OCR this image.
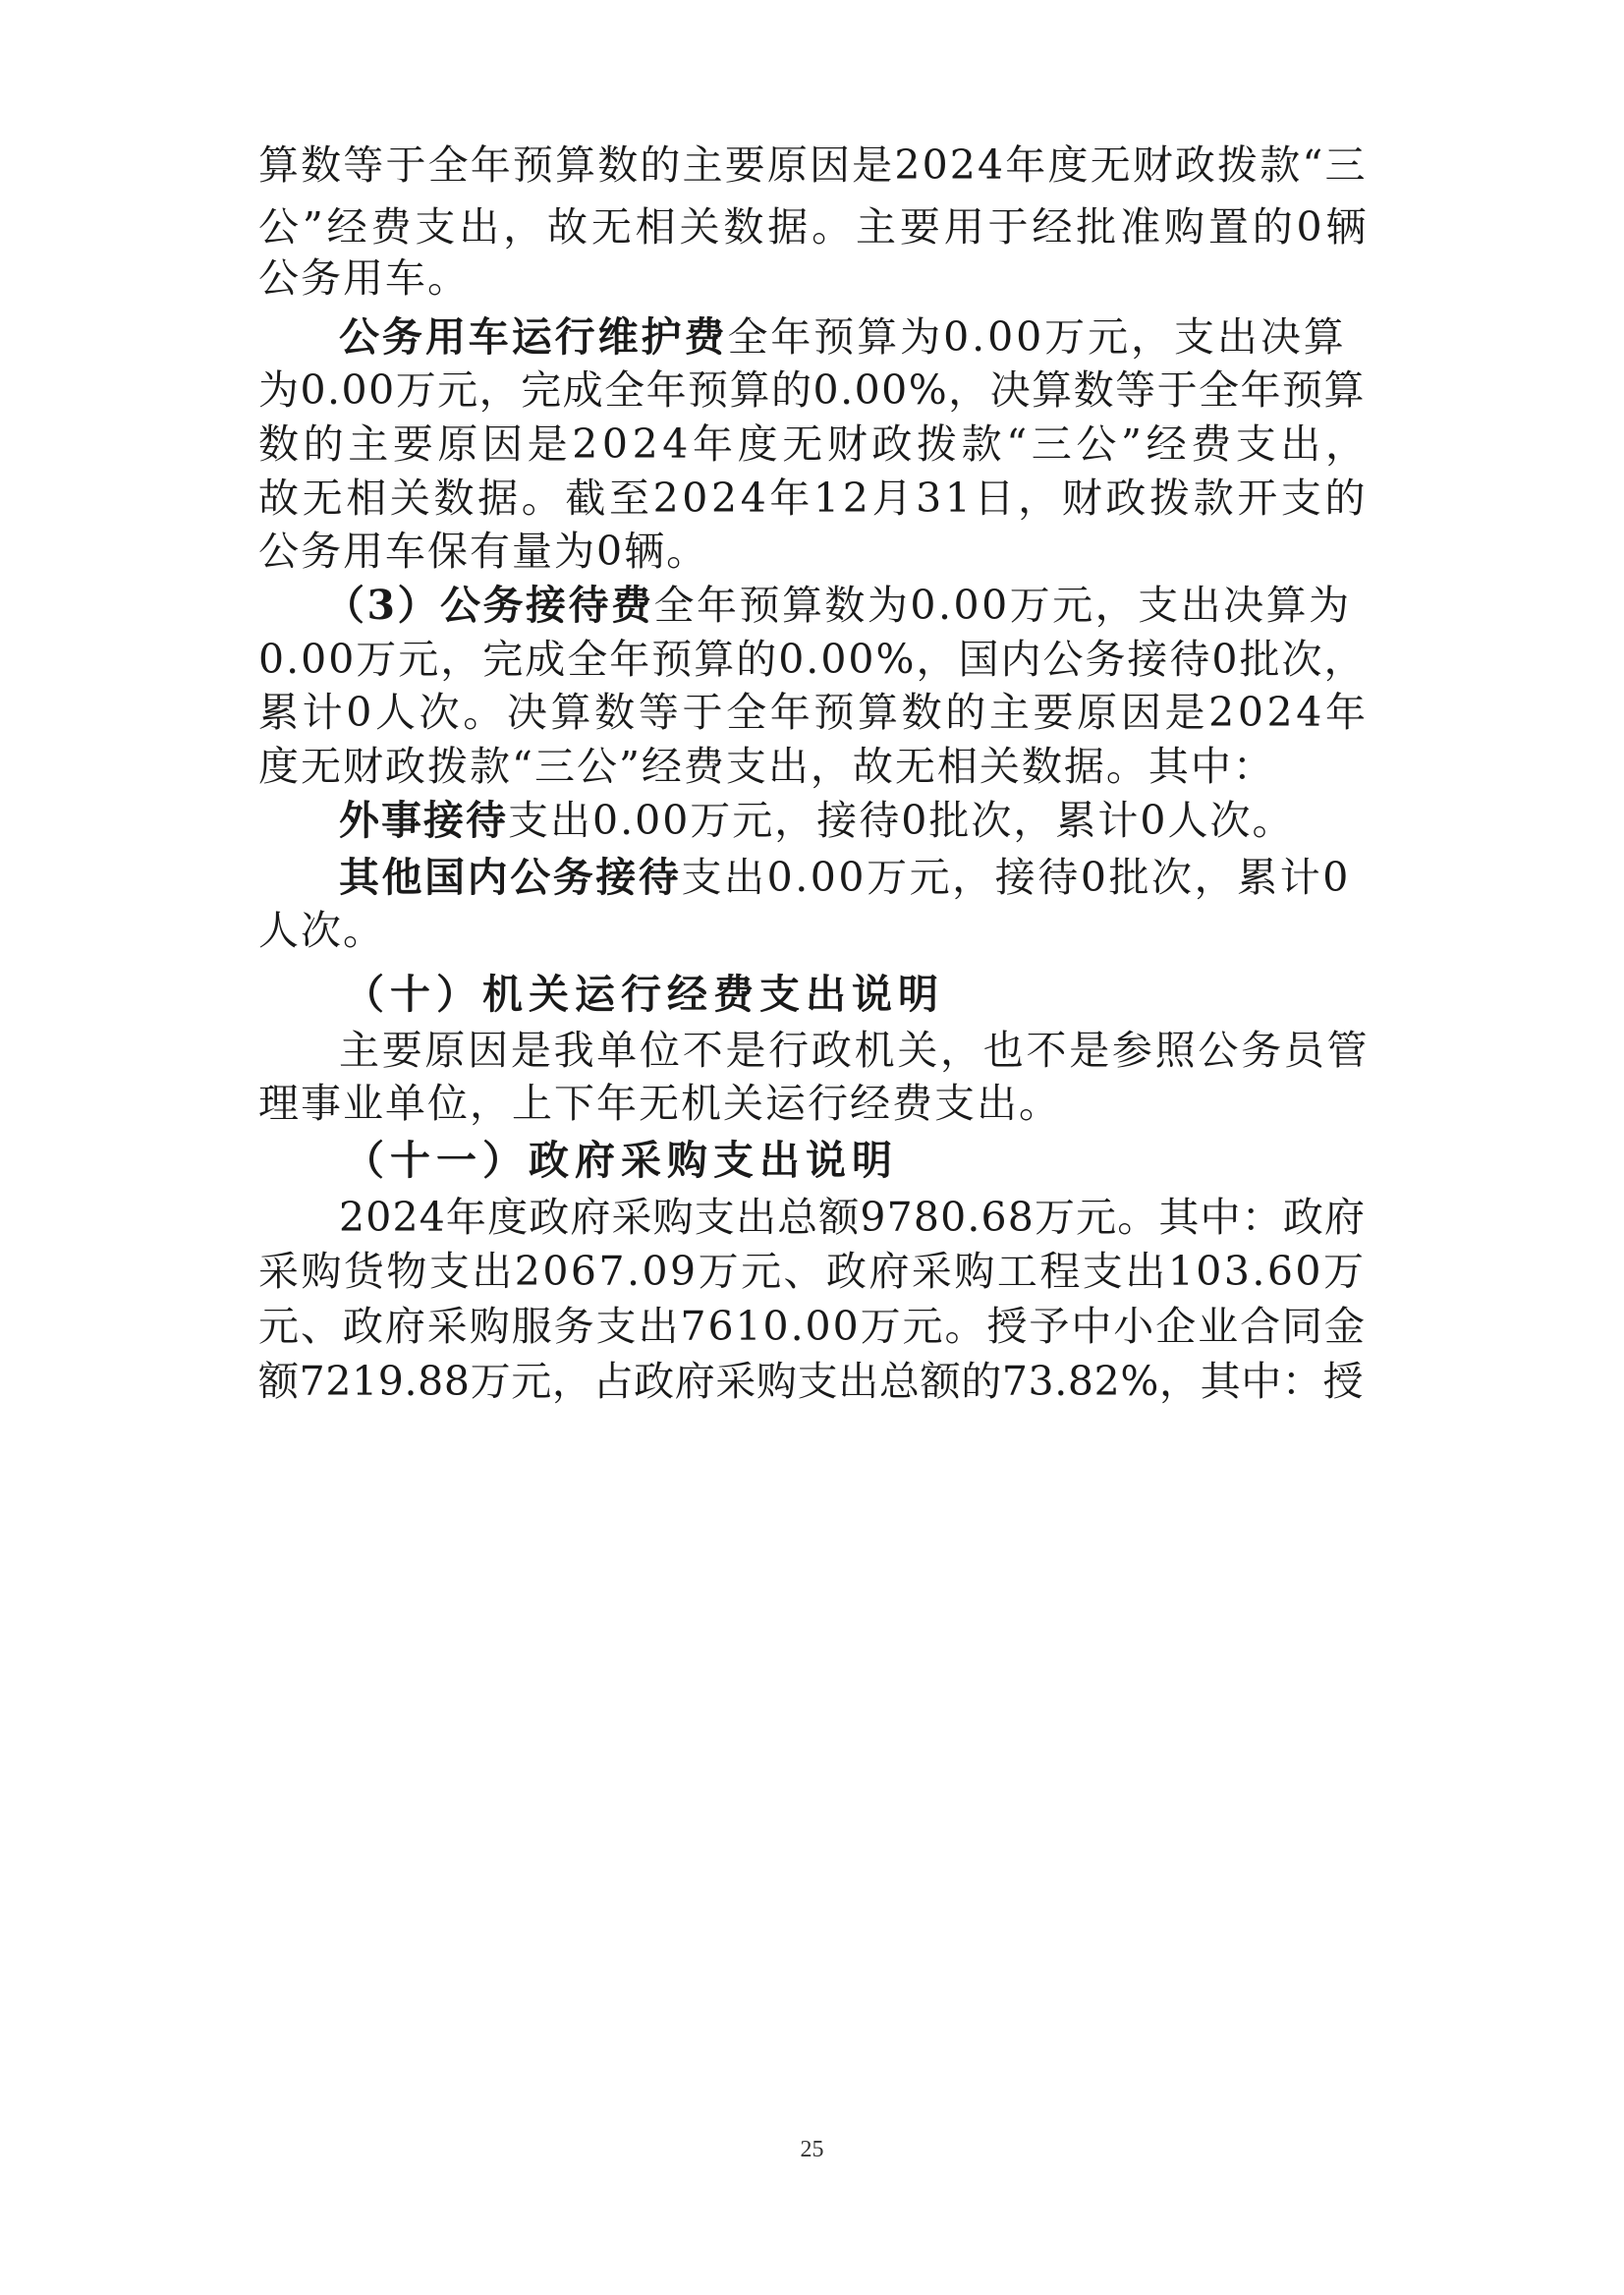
算数等于全年预算数的主要原因是2024年度无财政拨款“三
公”经费支出，故无相关数据。主要用于经批准购置的0辆
公务用车。
公务用车运行维护费全年预算为0.00万元，支出决算
为0.00万元，完成全年预算的0.00%，决算数等于全年预算
数的主要原因是2024年度无财政拨款“三公”经费支出，
故无相关数据。截至2024年12月31日，财政拨款开支的
公务用车保有量为0辆。
（3）公务接待费全年预算数为0.00万元，支出决算为
0.00万元，完成全年预算的0.00%，国内公务接待0批次，
累计0人次。决算数等于全年预算数的主要原因是2024年
度无财政拨款“三公”经费支出，故无相关数据。其中：
外事接待支出0.00万元，接待0批次，累计0人次。
其他国内公务接待支出0.00万元，接待0批次，累计0
人次。
（十）机关运行经费支出说明
主要原因是我单位不是行政机关，也不是参照公务员管
理事业单位，上下年无机关运行经费支出。
（十一）政府采购支出说明
2024年度政府采购支出总额9780.68万元。其中：政府
采购货物支出2067.09万元、政府采购工程支出103.60万
元、政府采购服务支出7610.00万元。授予中小企业合同金
额7219.88万元，占政府采购支出总额的73.82%，其中：授
25
